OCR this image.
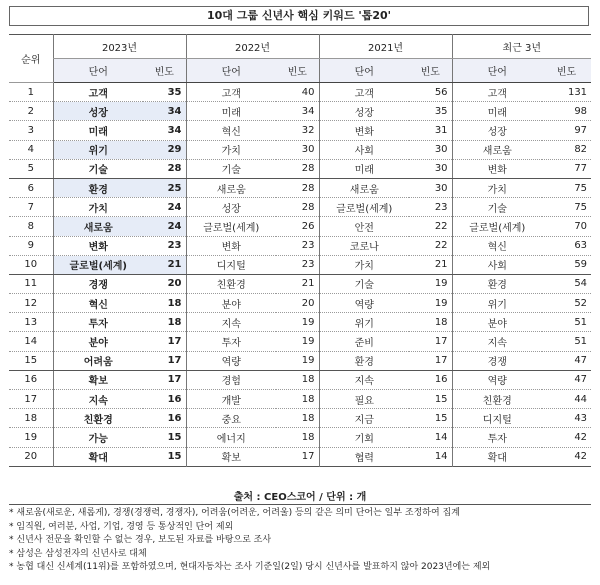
10대 그룹 신년사 핵심 키워드 '톱20'
순위	2023년		2022년		2021년		최근 3년	
	단어	빈도	단어	빈도	단어	빈도	단어	빈도
1	고객	35	고객	40	고객	56	고객	131
2	성장	34	미래	34	성장	35	미래	98
3	미래	34	혁신	32	변화	31	성장	97
4	위기	29	가치	30	사회	30	새로움	82
5	기술	28	기술	28	미래	30	변화	77
6	환경	25	새로움	28	새로움	30	가치	75
7	가치	24	성장	28	글로벌(세계)	23	기술	75
8	새로움	24	글로벌(세계)	26	안전	22	글로벌(세계)	70
9	변화	23	변화	23	코로나	22	혁신	63
10	글로벌(세계)	21	디지털	23	가치	21	사회	59
11	경쟁	20	친환경	21	기술	19	환경	54
12	혁신	18	분야	20	역량	19	위기	52
13	투자	18	지속	19	위기	18	분야	51
14	분야	17	투자	19	준비	17	지속	51
15	어려움	17	역량	19	환경	17	경쟁	47
16	확보	17	경험	18	지속	16	역량	47
17	지속	16	개발	18	필요	15	친환경	44
18	친환경	16	중요	18	지금	15	디지털	43
19	가능	15	에너지	18	기회	14	투자	42
20	확대	15	확보	17	협력	14	확대	42
출처 : CEO스코어 / 단위 : 개
* 새로움(새로운, 새롭게), 경쟁(경쟁력, 경쟁자), 어려움(어려운, 어려울) 등의 같은 의미 단어는 일부 조정하여 집계
* 임직원, 여러분, 사업, 기업, 경영 등 통상적인 단어 제외
* 신년사 전문을 확인할 수 없는 경우, 보도된 자료를 바탕으로 조사
* 삼성은 삼성전자의 신년사로 대체
* 농협 대신 신세계(11위)를 포함하였으며, 현대자동차는 조사 기준일(2일) 당시 신년사를 발표하지 않아 2023년에는 제외
